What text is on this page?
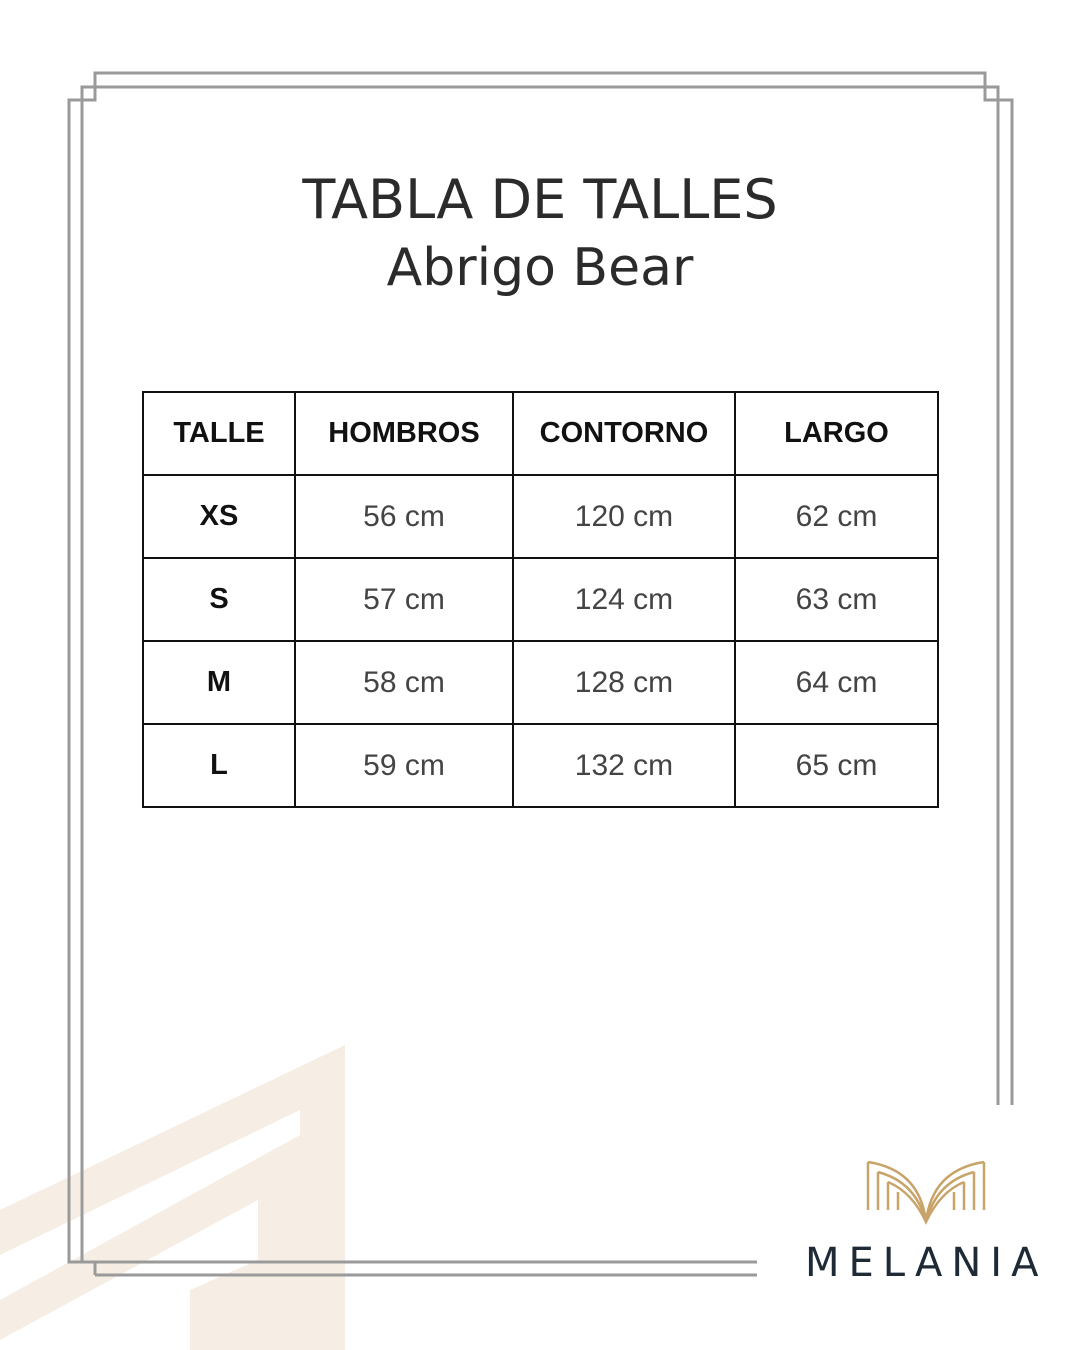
TABLA DE TALLES
Abrigo Bear
TALLE	HOMBROS	CONTORNO	LARGO
XS	56 cm	120 cm	62 cm
S	57 cm	124 cm	63 cm
M	58 cm	128 cm	64 cm
L	59 cm	132 cm	65 cm
MELANIA
